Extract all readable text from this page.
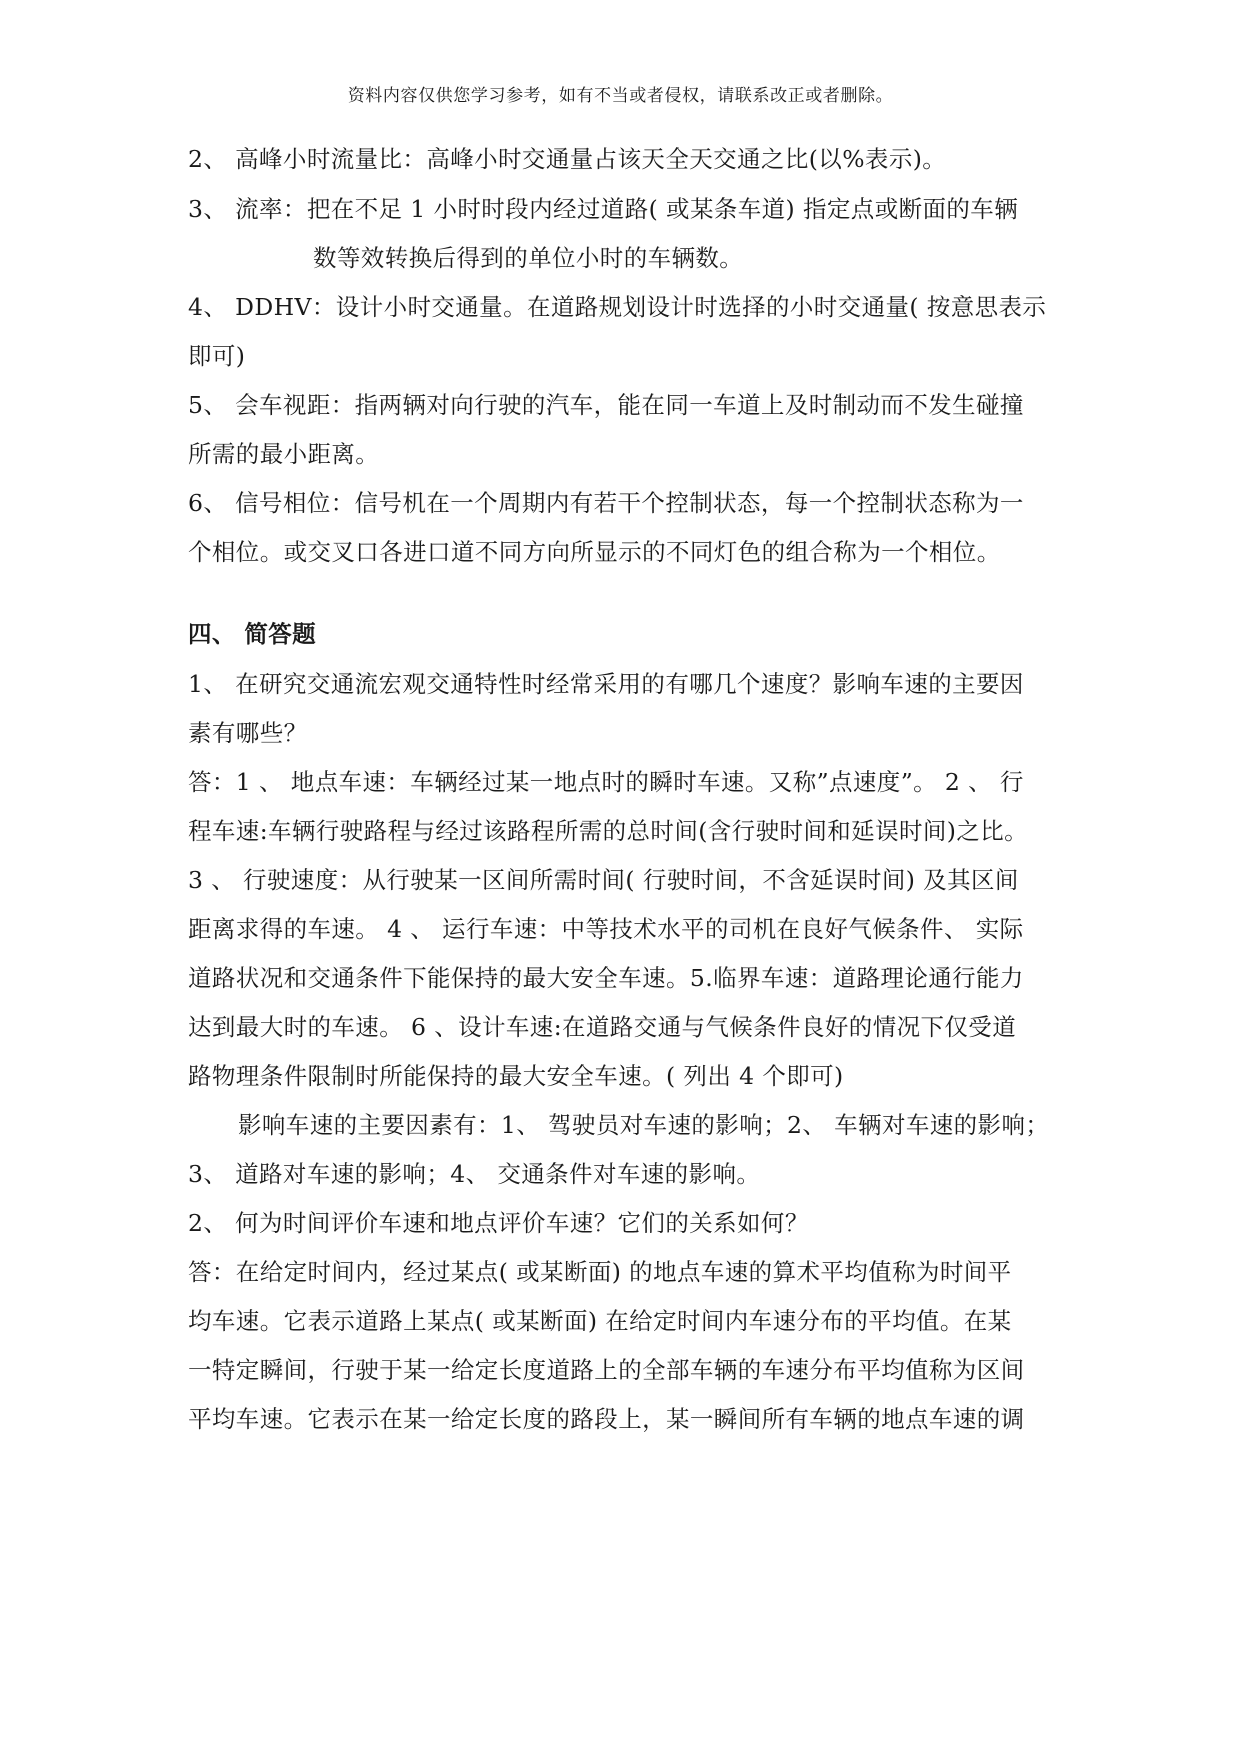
资料内容仅供您学习参考，如有不当或者侵权，请联系改正或者删除。
2、 高峰小时流量比：高峰小时交通量占该天全天交通之比(以%表示)。
3、 流率：把在不足 1 小时时段内经过道路( 或某条车道) 指定点或断面的车辆
数等效转换后得到的单位小时的车辆数。
4、 DDHV：设计小时交通量。在道路规划设计时选择的小时交通量( 按意思表示
即可)
5、 会车视距：指两辆对向行驶的汽车，能在同一车道上及时制动而不发生碰撞
所需的最小距离。
6、 信号相位：信号机在一个周期内有若干个控制状态，每一个控制状态称为一
个相位。或交叉口各进口道不同方向所显示的不同灯色的组合称为一个相位。
四、 简答题
1、 在研究交通流宏观交通特性时经常采用的有哪几个速度？影响车速的主要因
素有哪些？
答：1 、 地点车速：车辆经过某一地点时的瞬时车速。又称”点速度”。 2 、 行
程车速:车辆行驶路程与经过该路程所需的总时间(含行驶时间和延误时间)之比。
3 、 行驶速度：从行驶某一区间所需时间( 行驶时间，不含延误时间) 及其区间
距离求得的车速。 4 、 运行车速：中等技术水平的司机在良好气候条件、 实际
道路状况和交通条件下能保持的最大安全车速。5.临界车速：道路理论通行能力
达到最大时的车速。 6 、设计车速:在道路交通与气候条件良好的情况下仅受道
路物理条件限制时所能保持的最大安全车速。( 列出 4 个即可)
影响车速的主要因素有：1、 驾驶员对车速的影响；2、 车辆对车速的影响；
3、 道路对车速的影响；4、 交通条件对车速的影响。
2、 何为时间评价车速和地点评价车速？它们的关系如何？
答：在给定时间内，经过某点( 或某断面) 的地点车速的算术平均值称为时间平
均车速。它表示道路上某点( 或某断面) 在给定时间内车速分布的平均值。在某
一特定瞬间，行驶于某一给定长度道路上的全部车辆的车速分布平均值称为区间
平均车速。它表示在某一给定长度的路段上，某一瞬间所有车辆的地点车速的调
